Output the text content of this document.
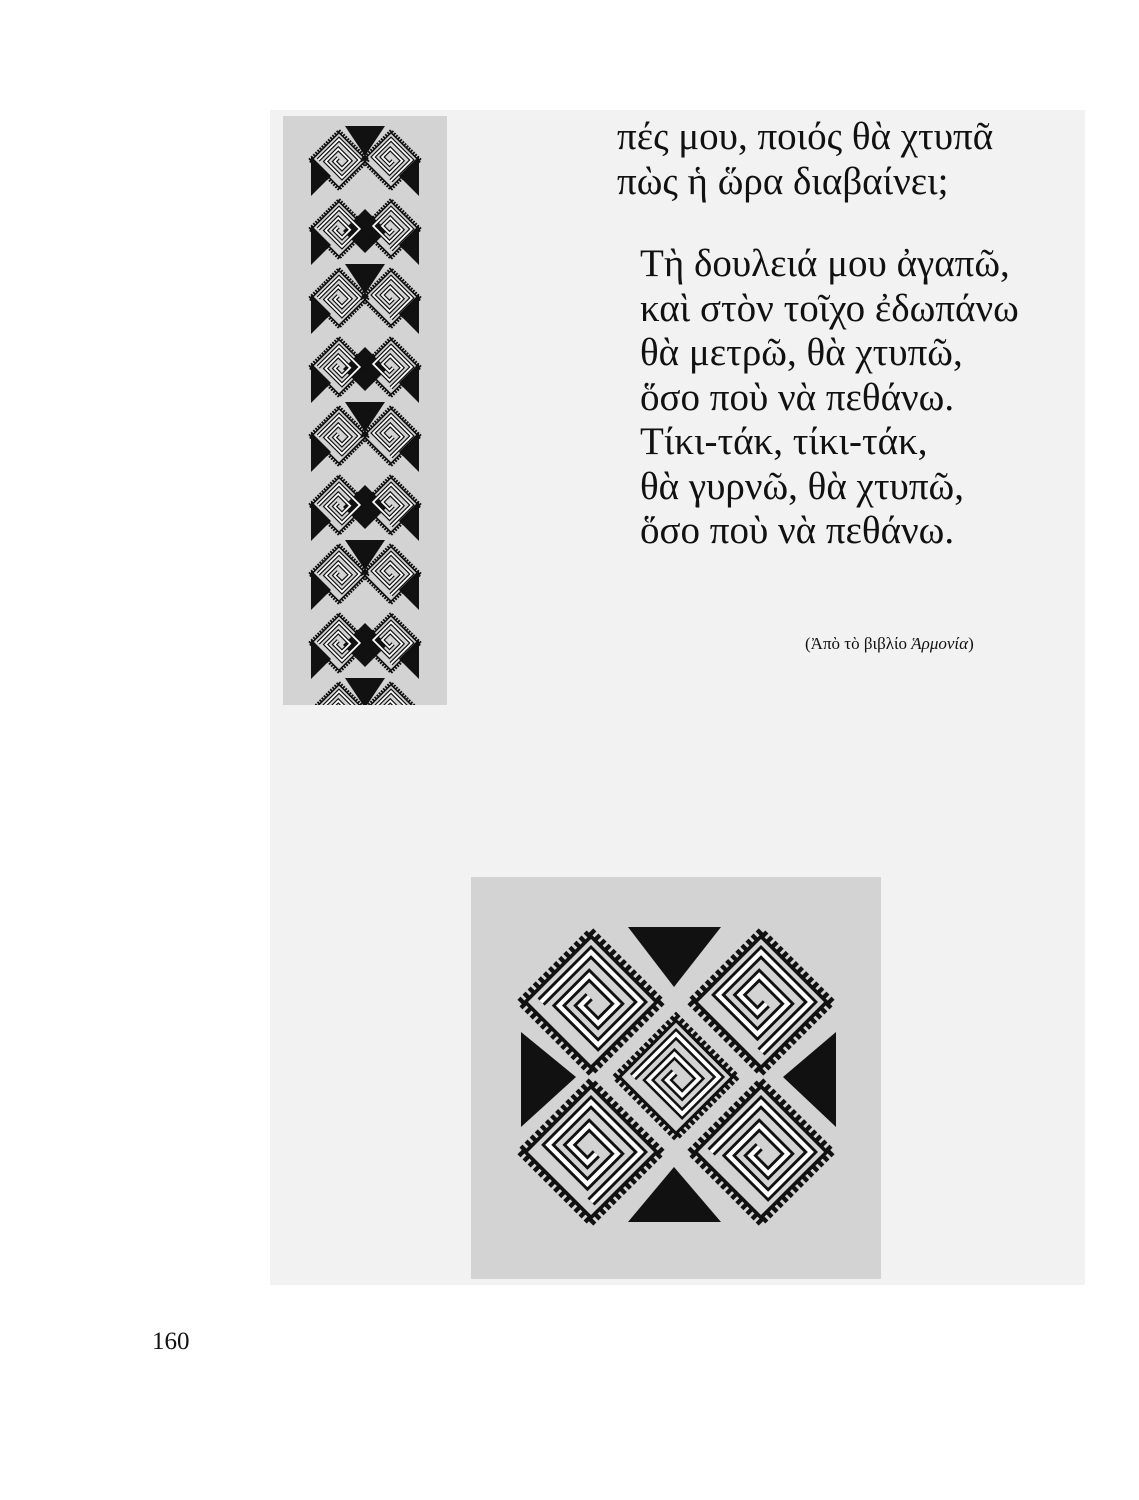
πές μου, ποιός θὰ χτυπᾶ
πὼς ἡ ὥρα διαβαίνει;
Τὴ δουλειά μου ἀγαπῶ,
καὶ στὸν τοῖχο ἐδωπάνω
θὰ μετρῶ, θὰ χτυπῶ,
ὅσο ποὺ νὰ πεθάνω.
Τίκι-τάκ, τίκι-τάκ,
θὰ γυρνῶ, θὰ χτυπῶ,
ὅσο ποὺ νὰ πεθάνω.
(Ἀπὸ τὸ βιβλίο Ἁρμονία)
160
